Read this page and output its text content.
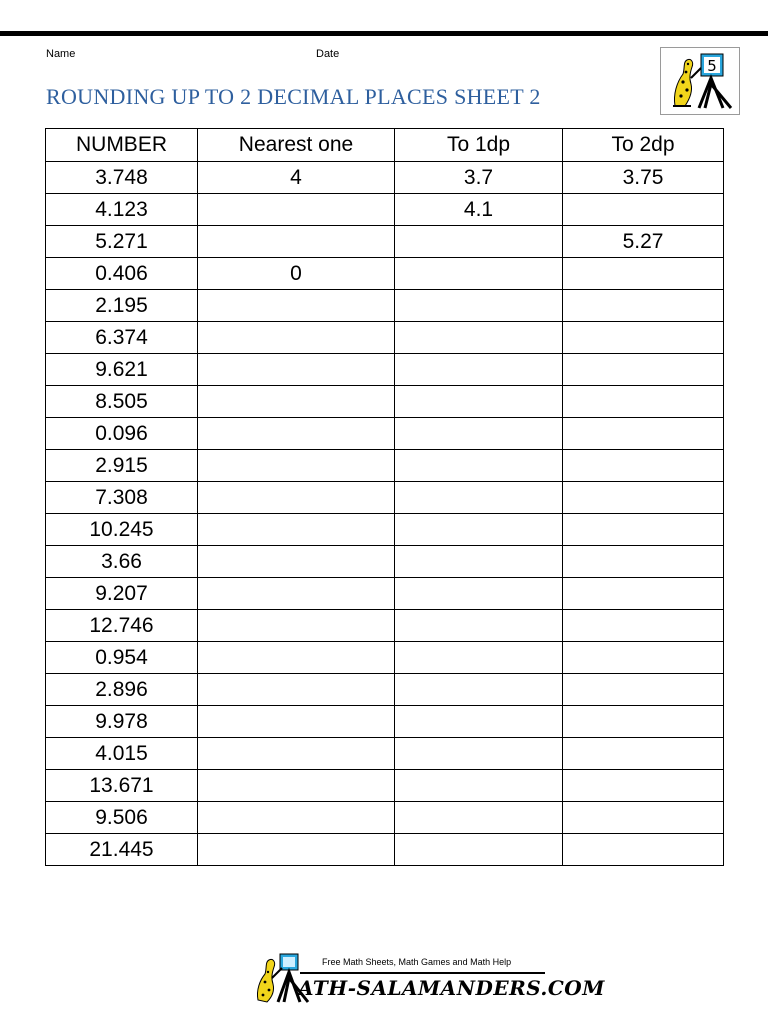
Name	Date
ROUNDING UP TO 2 DECIMAL PLACES SHEET 2
5
NUMBER	Nearest one	To 1dp	To 2dp
3.748	4	3.7	3.75
4.123		4.1	
5.271			5.27
0.406	0		
2.195			
6.374			
9.621			
8.505			
0.096			
2.915			
7.308			
10.245			
3.66			
9.207			
12.746			
0.954			
2.896			
9.978			
4.015			
13.671			
9.506			
21.445			
Free Math Sheets, Math Games and Math Help
ATH-SALAMANDERS.COM
